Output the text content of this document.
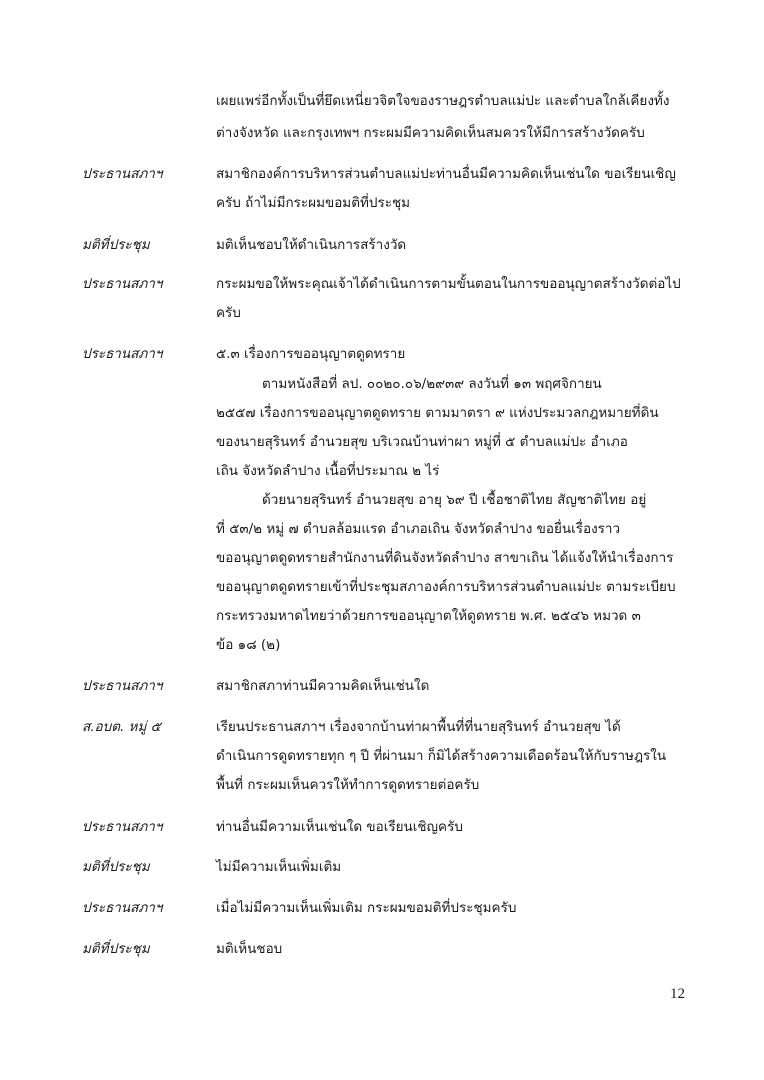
เผยแพร่อีกทั้งเป็นที่ยึดเหนี่ยวจิตใจของราษฎรตำบลแม่ปะ และตำบลใกล้เคียงทั้ง
ต่างจังหวัด และกรุงเทพฯ กระผมมีความคิดเห็นสมควรให้มีการสร้างวัดครับ
ประธานสภาฯ	สมาชิกองค์การบริหารส่วนตำบลแม่ปะท่านอื่นมีความคิดเห็นเช่นใด ขอเรียนเชิญ
ครับ ถ้าไม่มีกระผมขอมติที่ประชุม
มติที่ประชุม	มติเห็นชอบให้ดำเนินการสร้างวัด
ประธานสภาฯ	กระผมขอให้พระคุณเจ้าได้ดำเนินการตามขั้นตอนในการขออนุญาตสร้างวัดต่อไป
ครับ
ประธานสภาฯ	๕.๓ เรื่องการขออนุญาตดูดทราย
ตามหนังสือที่ ลป. ๐๐๒๐.๐๖/๒๙๓๙ ลงวันที่ ๑๓ พฤศจิกายน
๒๕๕๗ เรื่องการขออนุญาตดูดทราย ตามมาตรา ๙ แห่งประมวลกฎหมายที่ดิน
ของนายสุรินทร์ อำนวยสุข บริเวณบ้านท่าผา หมู่ที่ ๕ ตำบลแม่ปะ อำเภอ
เถิน จังหวัดลำปาง เนื้อที่ประมาณ ๒ ไร่
ด้วยนายสุรินทร์ อำนวยสุข อายุ ๖๙ ปี เชื้อชาติไทย สัญชาติไทย อยู่
ที่ ๕๓/๒ หมู่ ๗ ตำบลล้อมแรด อำเภอเถิน จังหวัดลำปาง ขอยื่นเรื่องราว
ขออนุญาตดูดทรายสำนักงานที่ดินจังหวัดลำปาง สาขาเถิน ได้แจ้งให้นำเรื่องการ
ขออนุญาตดูดทรายเข้าที่ประชุมสภาองค์การบริหารส่วนตำบลแม่ปะ ตามระเบียบ
กระทรวงมหาดไทยว่าด้วยการขออนุญาตให้ดูดทราย พ.ศ. ๒๕๔๖ หมวด ๓
ข้อ ๑๘ (๒)
ประธานสภาฯ	สมาชิกสภาท่านมีความคิดเห็นเช่นใด
ส.อบต. หมู่ ๕	เรียนประธานสภาฯ เรื่องจากบ้านท่าผาพื้นที่ที่นายสุรินทร์ อำนวยสุข ได้
ดำเนินการดูดทรายทุก ๆ ปี ที่ผ่านมา ก็มิได้สร้างความเดือดร้อนให้กับราษฎรใน
พื้นที่ กระผมเห็นควรให้ทำการดูดทรายต่อครับ
ประธานสภาฯ	ท่านอื่นมีความเห็นเช่นใด ขอเรียนเชิญครับ
มติที่ประชุม	ไม่มีความเห็นเพิ่มเติม
ประธานสภาฯ	เมื่อไม่มีความเห็นเพิ่มเติม กระผมขอมติที่ประชุมครับ
มติที่ประชุม	มติเห็นชอบ
12
